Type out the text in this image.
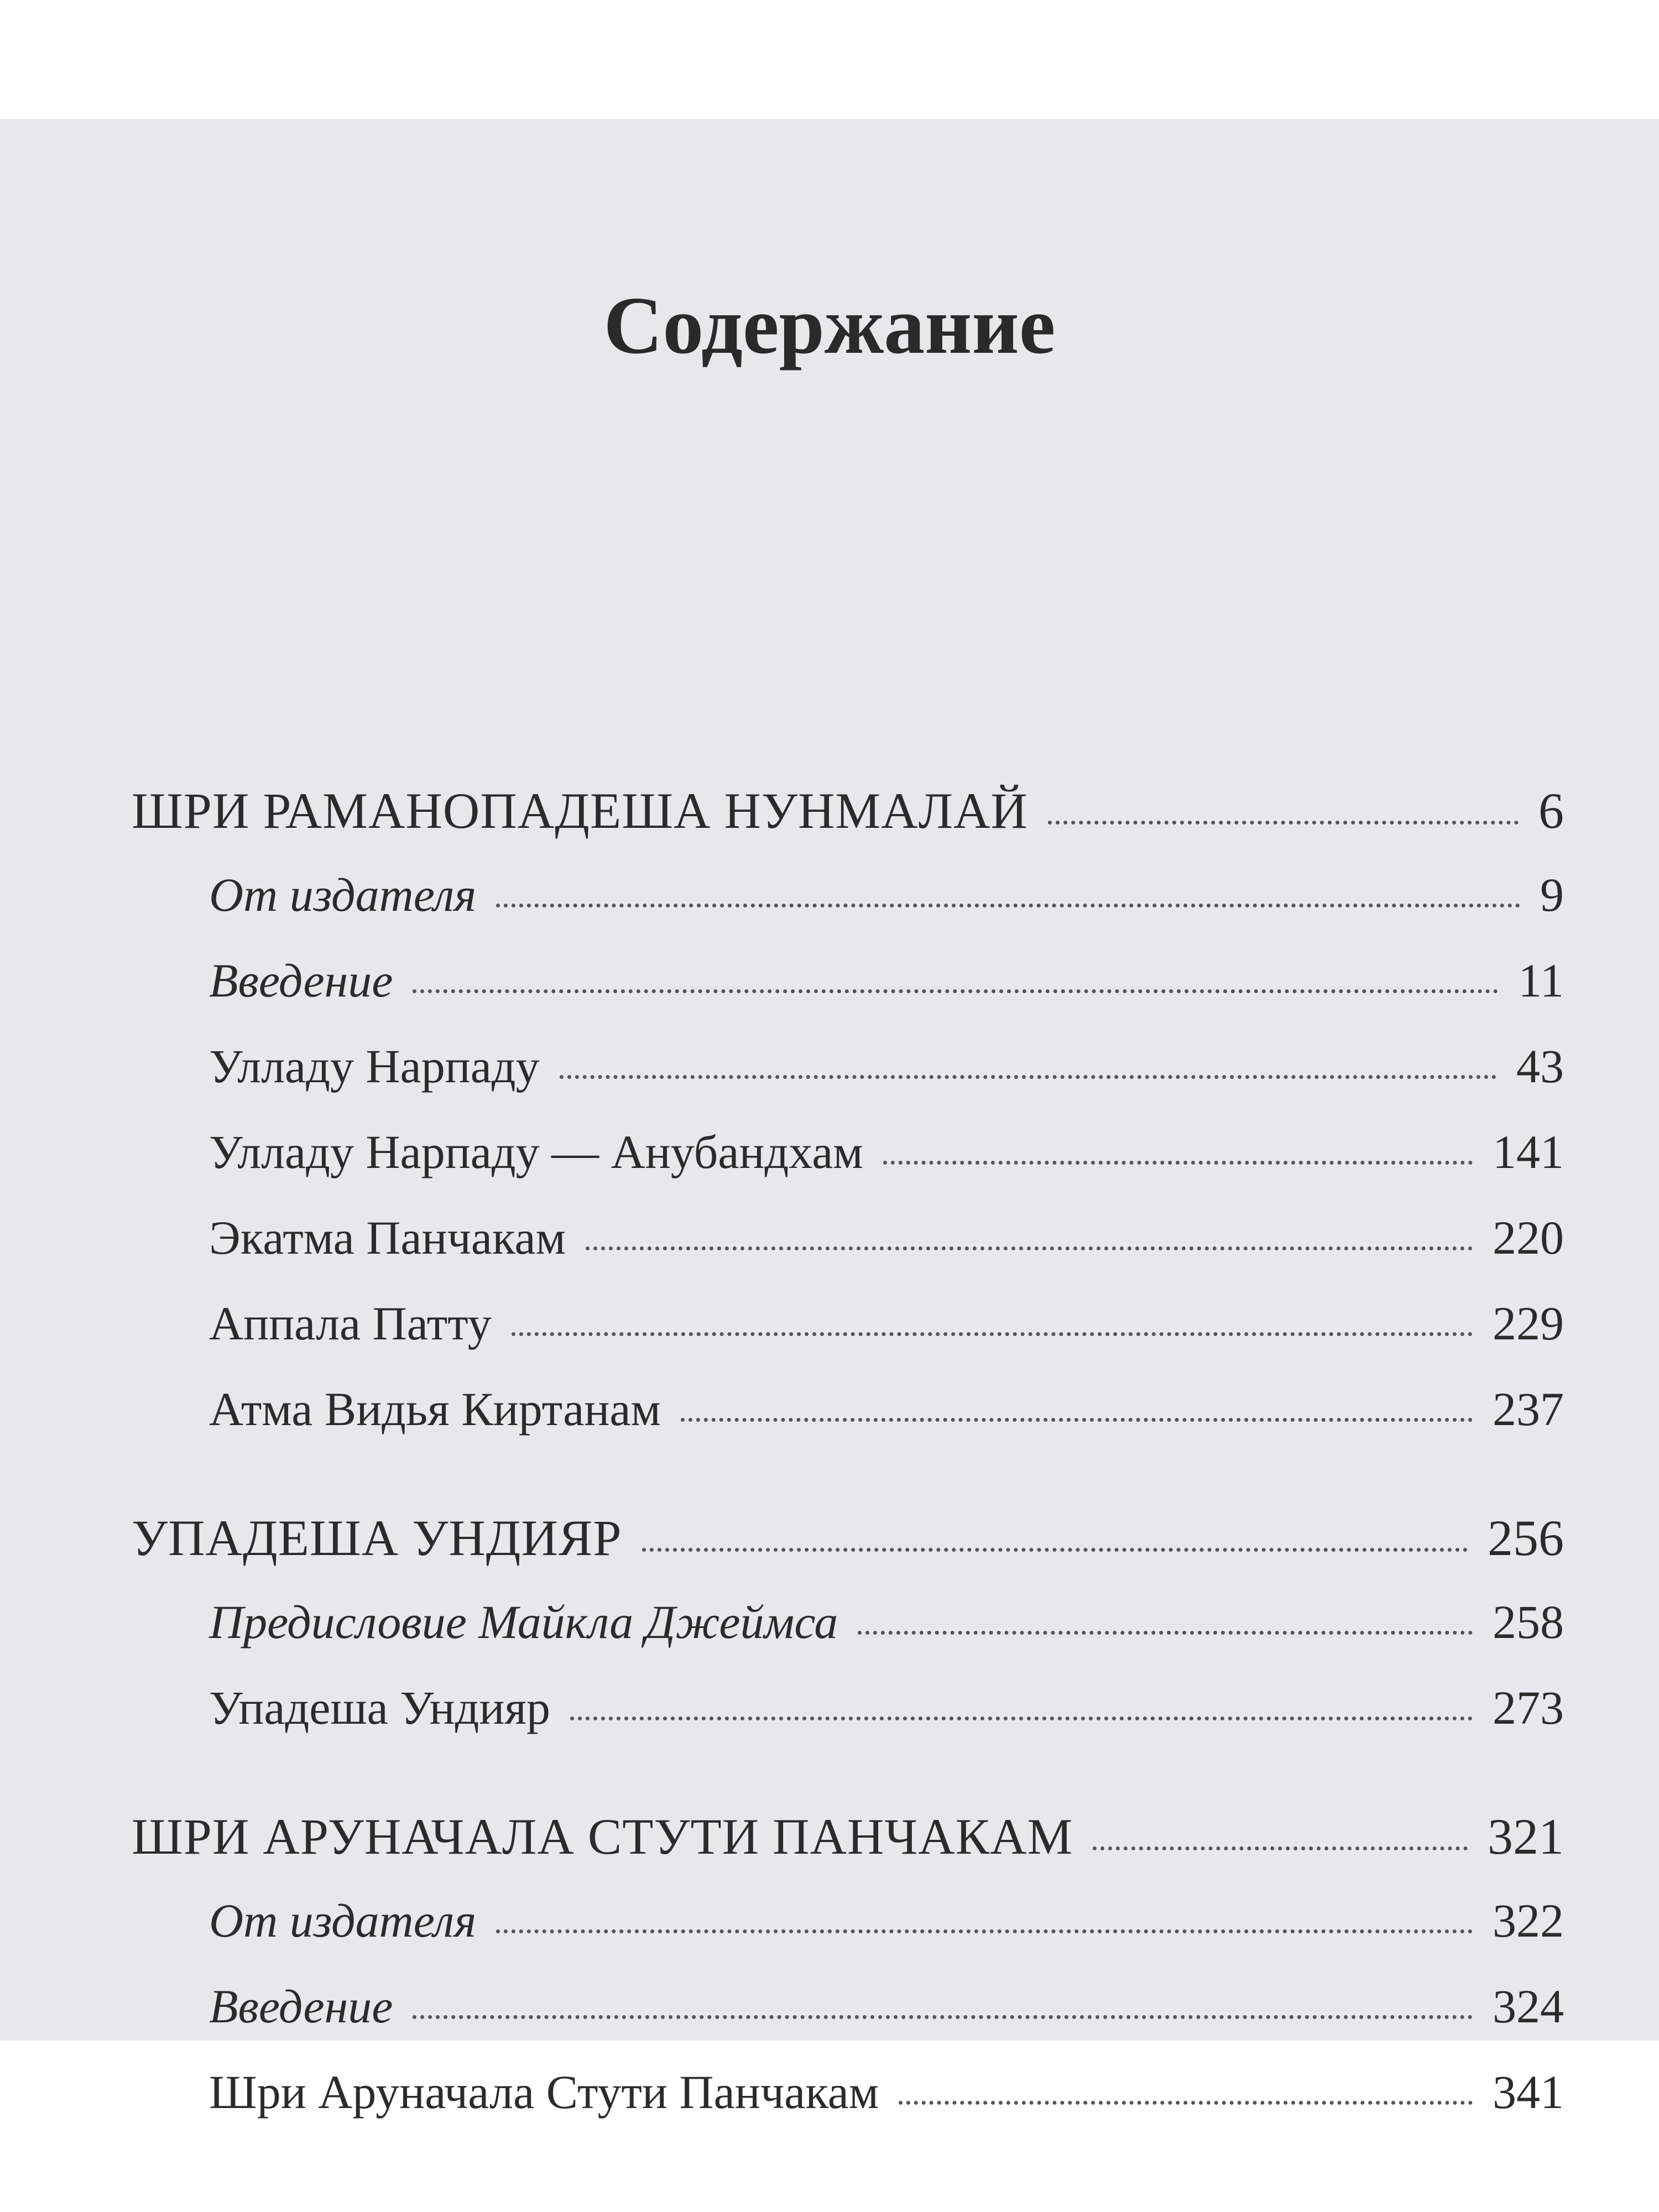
Содержание
ШРИ РАМАНОПАДЕША НУНМАЛАЙ	6
От издателя	9
Введение	11
Улладу Нарпаду	43
Улладу Нарпаду — Анубандхам	141
Экатма Панчакам	220
Аппала Патту	229
Атма Видья Киртанам	237
УПАДЕША УНДИЯР	256
Предисловие Майкла Джеймса	258
Упадеша Ундияр	273
ШРИ АРУНАЧАЛА СТУТИ ПАНЧАКАМ	321
От издателя	322
Введение	324
Шри Аруначала Стути Панчакам	341
